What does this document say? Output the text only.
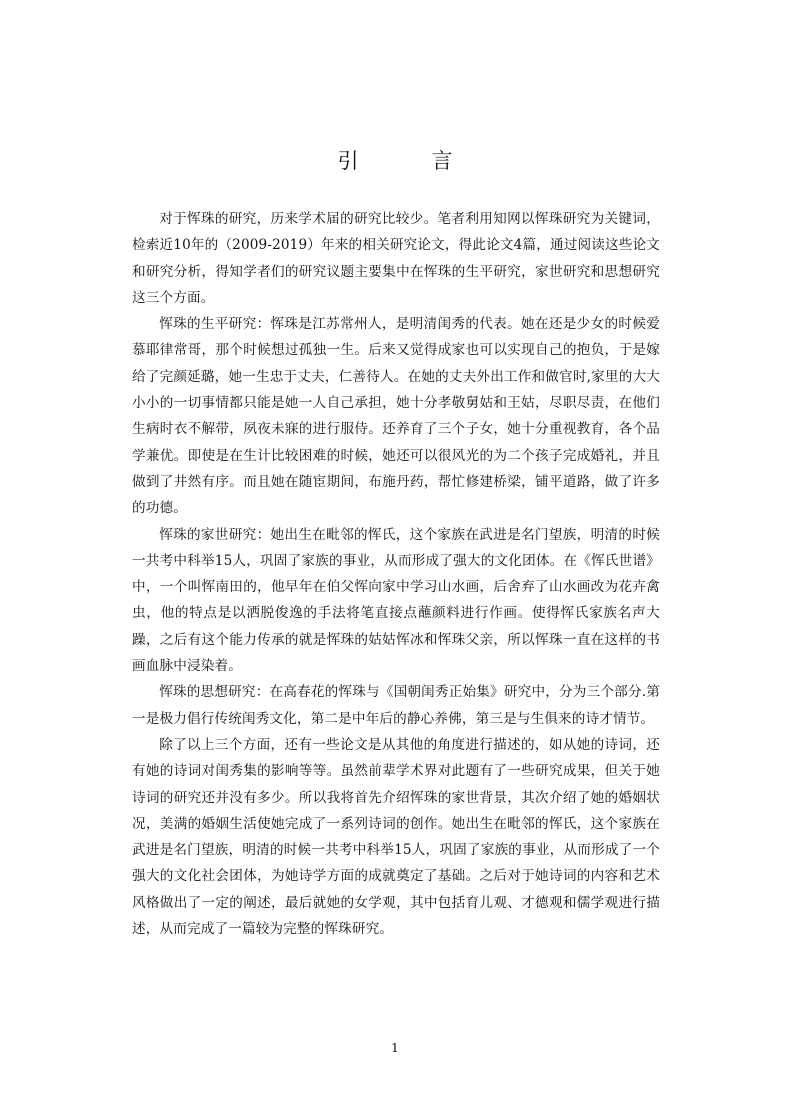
引　言

对于恽珠的研究，历来学术届的研究比较少。笔者利用知网以恽珠研究为关键词，检索近10年的（2009-2019）年来的相关研究论文，得此论文4篇，通过阅读这些论文和研究分析，得知学者们的研究议题主要集中在恽珠的生平研究，家世研究和思想研究这三个方面。

恽珠的生平研究：恽珠是江苏常州人，是明清闺秀的代表。她在还是少女的时候爱慕耶律常哥，那个时候想过孤独一生。后来又觉得成家也可以实现自己的抱负，于是嫁给了完颜延璐，她一生忠于丈夫，仁善待人。在她的丈夫外出工作和做官时,家里的大大小小的一切事情都只能是她一人自己承担，她十分孝敬舅姑和王姑，尽职尽责，在他们生病时衣不解带，夙夜未寐的进行服侍。还养育了三个子女，她十分重视教育，各个品学兼优。即使是在生计比较困难的时候，她还可以很风光的为二个孩子完成婚礼，并且做到了井然有序。而且她在随宦期间，布施丹药，帮忙修建桥梁，铺平道路，做了许多的功德。

恽珠的家世研究：她出生在毗邻的恽氏，这个家族在武进是名门望族，明清的时候一共考中科举15人，巩固了家族的事业，从而形成了强大的文化团体。在《恽氏世谱》中，一个叫恽南田的，他早年在伯父恽向家中学习山水画，后舍弃了山水画改为花卉禽虫，他的特点是以洒脱俊逸的手法将笔直接点蘸颜料进行作画。使得恽氏家族名声大躁，之后有这个能力传承的就是恽珠的姑姑恽冰和恽珠父亲，所以恽珠一直在这样的书画血脉中浸染着。

恽珠的思想研究：在高春花的恽珠与《国朝闺秀正始集》研究中，分为三个部分.第一是极力倡行传统闺秀文化，第二是中年后的静心养佛，第三是与生俱来的诗才情节。

除了以上三个方面，还有一些论文是从其他的角度进行描述的，如从她的诗词，还有她的诗词对闺秀集的影响等等。虽然前辈学术界对此题有了一些研究成果，但关于她诗词的研究还并没有多少。所以我将首先介绍恽珠的家世背景，其次介绍了她的婚姻状况，美满的婚姻生活使她完成了一系列诗词的创作。她出生在毗邻的恽氏，这个家族在武进是名门望族，明清的时候一共考中科举15人，巩固了家族的事业，从而形成了一个强大的文化社会团体，为她诗学方面的成就奠定了基础。之后对于她诗词的内容和艺术风格做出了一定的阐述，最后就她的女学观，其中包括育儿观、才德观和儒学观进行描述，从而完成了一篇较为完整的恽珠研究。

1
